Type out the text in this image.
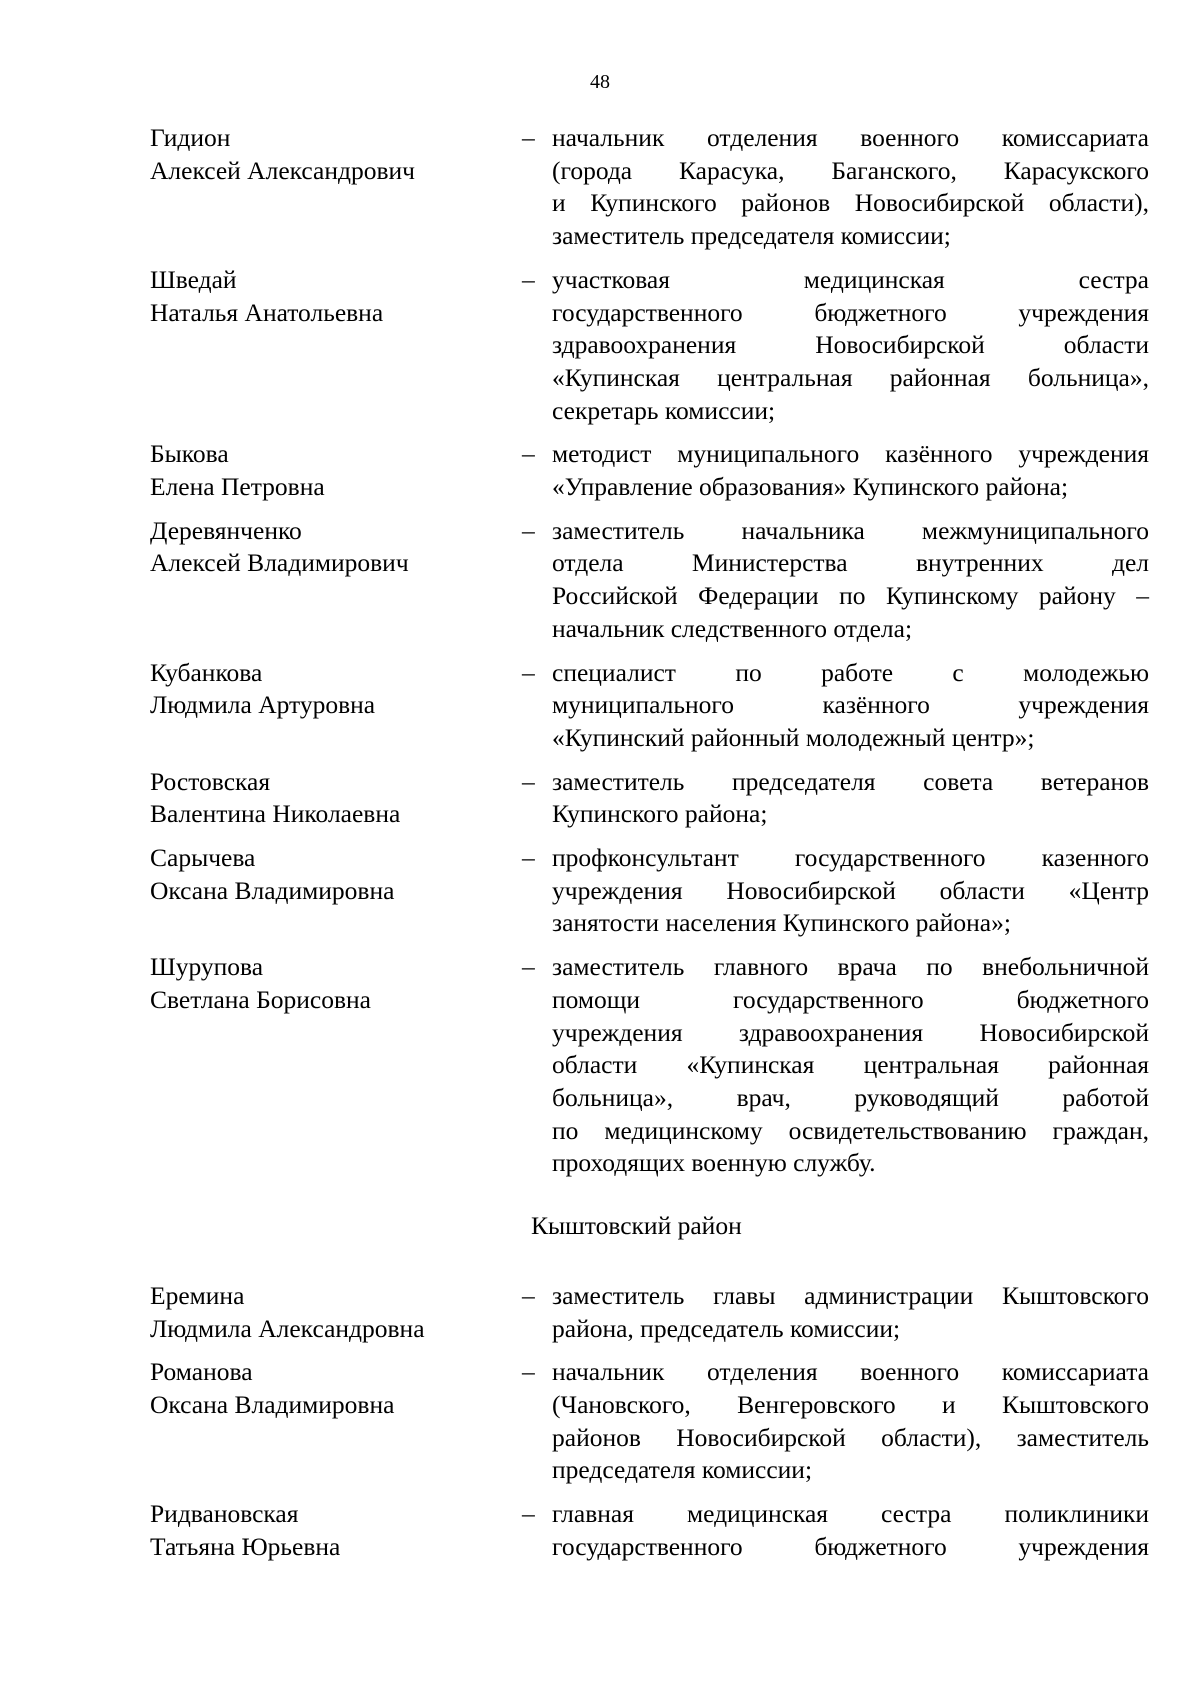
48
Гидион
Алексей Александрович
– начальник отделения военного комиссариата
(города Карасука, Баганского, Карасукского
и Купинского районов Новосибирской области),
заместитель председателя комиссии;
Шведай
Наталья Анатольевна
– участковая медицинская сестра
государственного бюджетного учреждения
здравоохранения Новосибирской области
«Купинская центральная районная больница»,
секретарь комиссии;
Быкова
Елена Петровна
– методист муниципального казённого учреждения
«Управление образования» Купинского района;
Деревянченко
Алексей Владимирович
– заместитель начальника межмуниципального
отдела Министерства внутренних дел
Российской Федерации по Купинскому району –
начальник следственного отдела;
Кубанкова
Людмила Артуровна
– специалист по работе с молодежью
муниципального казённого учреждения
«Купинский районный молодежный центр»;
Ростовская
Валентина Николаевна
– заместитель председателя совета ветеранов
Купинского района;
Сарычева
Оксана Владимировна
– профконсультант государственного казенного
учреждения Новосибирской области «Центр
занятости населения Купинского района»;
Шурупова
Светлана Борисовна
– заместитель главного врача по внебольничной
помощи государственного бюджетного
учреждения здравоохранения Новосибирской
области «Купинская центральная районная
больница», врач, руководящий работой
по медицинскому освидетельствованию граждан,
проходящих военную службу.
Кыштовский район
Еремина
Людмила Александровна
– заместитель главы администрации Кыштовского
района, председатель комиссии;
Романова
Оксана Владимировна
– начальник отделения военного комиссариата
(Чановского, Венгеровского и Кыштовского
районов Новосибирской области), заместитель
председателя комиссии;
Ридвановская
Татьяна Юрьевна
– главная медицинская сестра поликлиники
государственного бюджетного учреждения
